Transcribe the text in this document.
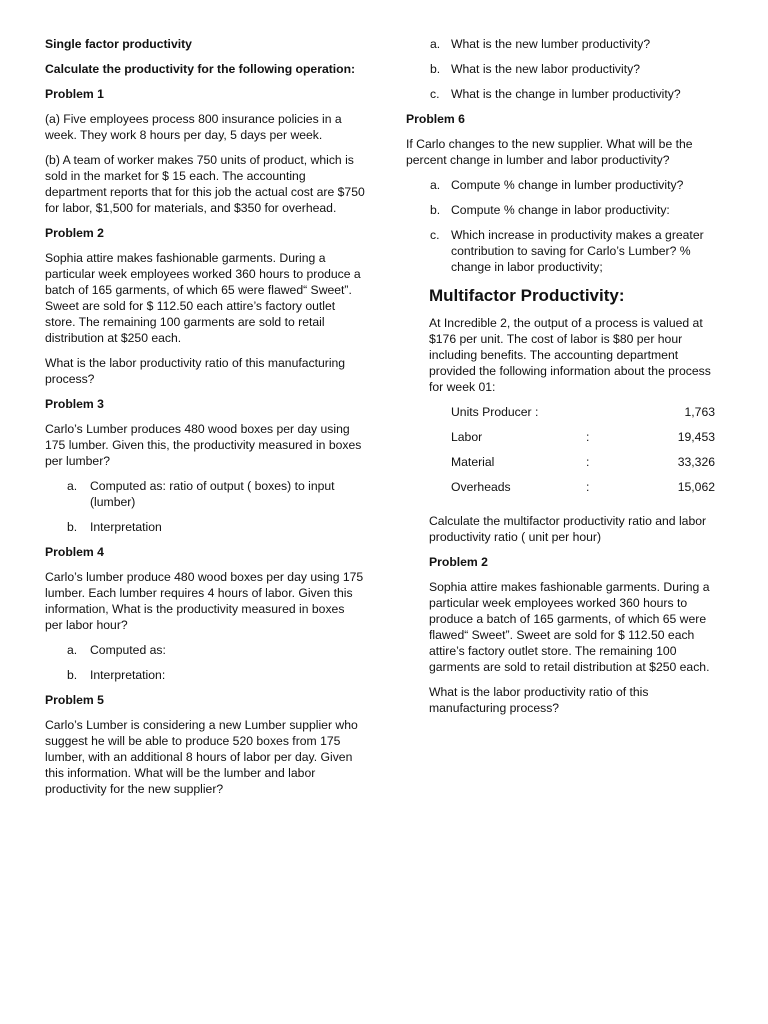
Single factor productivity

Calculate the productivity for the following operation:

Problem 1

(a) Five employees process 800 insurance policies in a week. They work 8 hours per day, 5 days per week.

(b) A team of worker makes 750 units of product, which is sold in the market for $ 15 each. The accounting department reports that for this job the actual cost are $750 for labor, $1,500 for materials, and $350 for overhead.

Problem 2

Sophia attire makes fashionable garments. During a particular week employees worked 360 hours to produce a batch of 165 garments, of which 65 were flawed“ Sweet”. Sweet are sold for $ 112.50 each attire’s factory outlet store. The remaining 100 garments are sold to retail distribution at $250 each.

What is the labor productivity ratio of this manufacturing process?

Problem 3

Carlo’s Lumber produces 480 wood boxes per day using 175 lumber. Given this, the productivity measured in boxes per lumber?

a. Computed as: ratio of output ( boxes) to input (lumber)
b. Interpretation

Problem 4

Carlo’s lumber produce 480 wood boxes per day using 175 lumber. Each lumber requires 4 hours of labor. Given this information, What is the productivity measured in boxes per labor hour?

a. Computed as:
b. Interpretation:

Problem 5

Carlo’s Lumber is considering a new Lumber supplier who suggest he will be able to produce 520 boxes from 175 lumber, with an additional 8 hours of labor per day. Given this information. What will be the lumber and labor productivity for the new supplier?

a. What is the new lumber productivity?
b. What is the new labor productivity?
c. What is the change in lumber productivity?

Problem 6

If Carlo changes to the new supplier. What will be the percent change in lumber and labor productivity?

a. Compute % change in lumber productivity?
b. Compute % change in labor productivity:
c. Which increase in productivity makes a greater contribution to saving for Carlo’s Lumber? % change in labor productivity;
Multifactor Productivity:

At Incredible 2, the output of a process is valued at $176 per unit. The cost of labor is $80 per hour including benefits. The accounting department provided the following information about the process for week 01:

Units Producer :		1,763
Labor	:	19,453
Material	:	33,326
Overheads	:	15,062

Calculate the multifactor productivity ratio and labor productivity ratio ( unit per hour)

Problem 2

Sophia attire makes fashionable garments. During a particular week employees worked 360 hours to produce a batch of 165 garments, of which 65 were flawed“ Sweet”. Sweet are sold for $ 112.50 each attire’s factory outlet store. The remaining 100 garments are sold to retail distribution at $250 each.

What is the labor productivity ratio of this manufacturing process?
